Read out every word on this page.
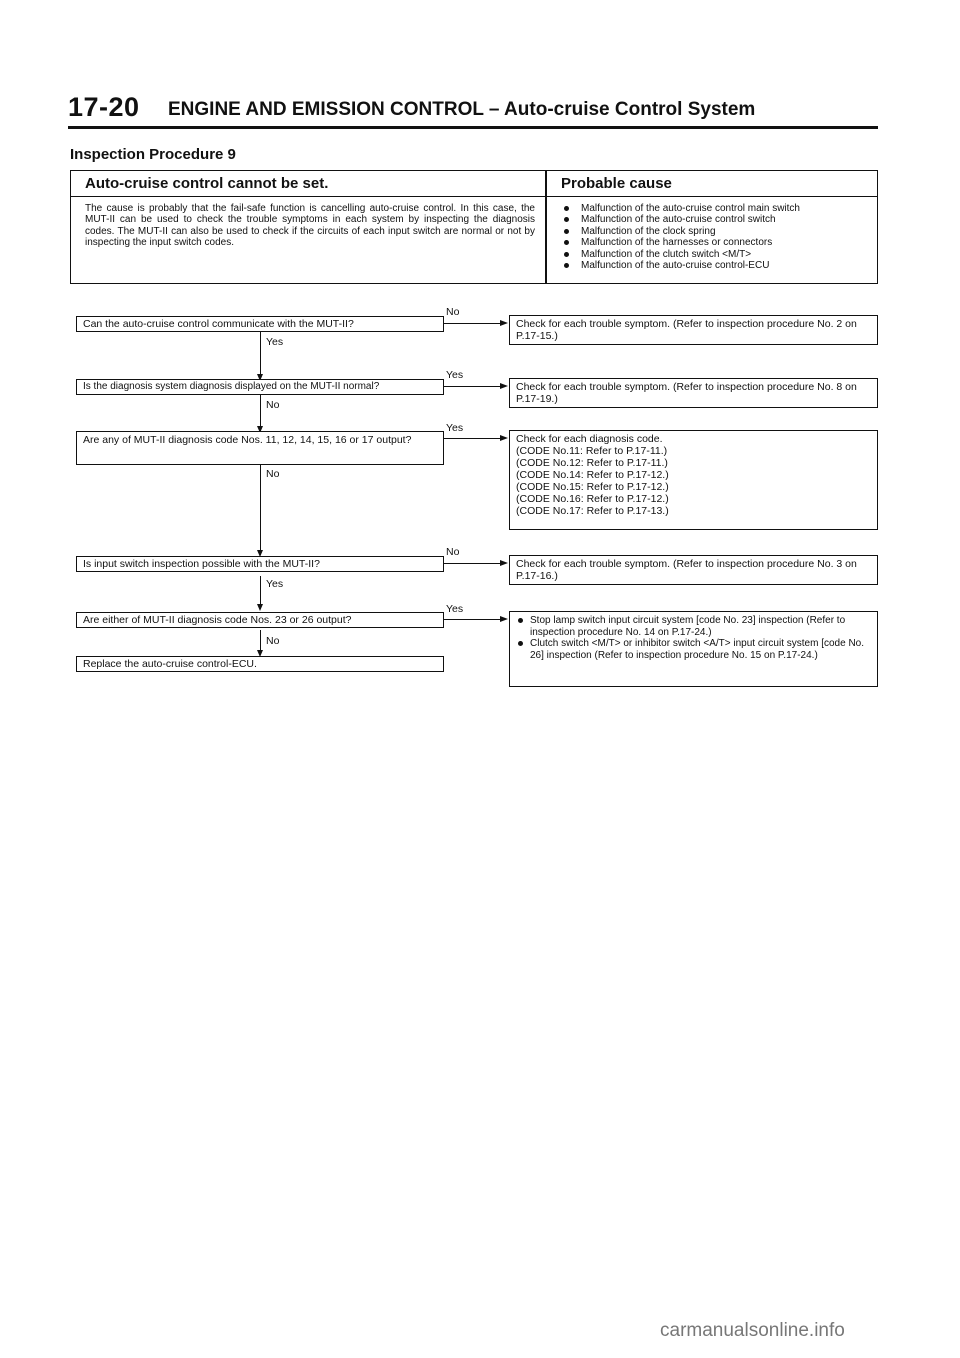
17-20 ENGINE AND EMISSION CONTROL – Auto-cruise Control System
Inspection Procedure 9
Auto-cruise control cannot be set.	Probable cause
The cause is probably that the fail-safe function is cancelling auto-cruise control. In this case, the MUT-II can be used to check the trouble symptoms in each system by inspecting the diagnosis codes. The MUT-II can also be used to check if the circuits of each input switch are normal or not by inspecting the input switch codes.
Malfunction of the auto-cruise control main switch
Malfunction of the auto-cruise control switch
Malfunction of the clock spring
Malfunction of the harnesses or connectors
Malfunction of the clutch switch <M/T>
Malfunction of the auto-cruise control-ECU
Yes
No
No
Yes
No
No
Yes
Yes
No
Yes
Can the auto-cruise control communicate with the MUT-II?
Is the diagnosis system diagnosis displayed on the MUT-II normal?
Are any of MUT-II diagnosis code Nos. 11, 12, 14, 15, 16 or 17 output?
Is input switch inspection possible with the MUT-II?
Are either of MUT-II diagnosis code Nos. 23 or 26 output?
Replace the auto-cruise control-ECU.
Check for each trouble symptom. (Refer to inspection procedure No. 2 on P.17-15.)
Check for each trouble symptom. (Refer to inspection procedure No. 8 on P.17-19.)
Check for each diagnosis code.
(CODE No.11: Refer to P.17-11.)
(CODE No.12: Refer to P.17-11.)
(CODE No.14: Refer to P.17-12.)
(CODE No.15: Refer to P.17-12.)
(CODE No.16: Refer to P.17-12.)
(CODE No.17: Refer to P.17-13.)
Check for each trouble symptom. (Refer to inspection procedure No. 3 on P.17-16.)
Stop lamp switch input circuit system [code No. 23] inspection (Refer to inspection procedure No. 14 on P.17-24.)
Clutch switch <M/T> or inhibitor switch <A/T> input circuit system [code No. 26] inspection (Refer to inspection procedure No. 15 on P.17-24.)
carmanualsonline.info
